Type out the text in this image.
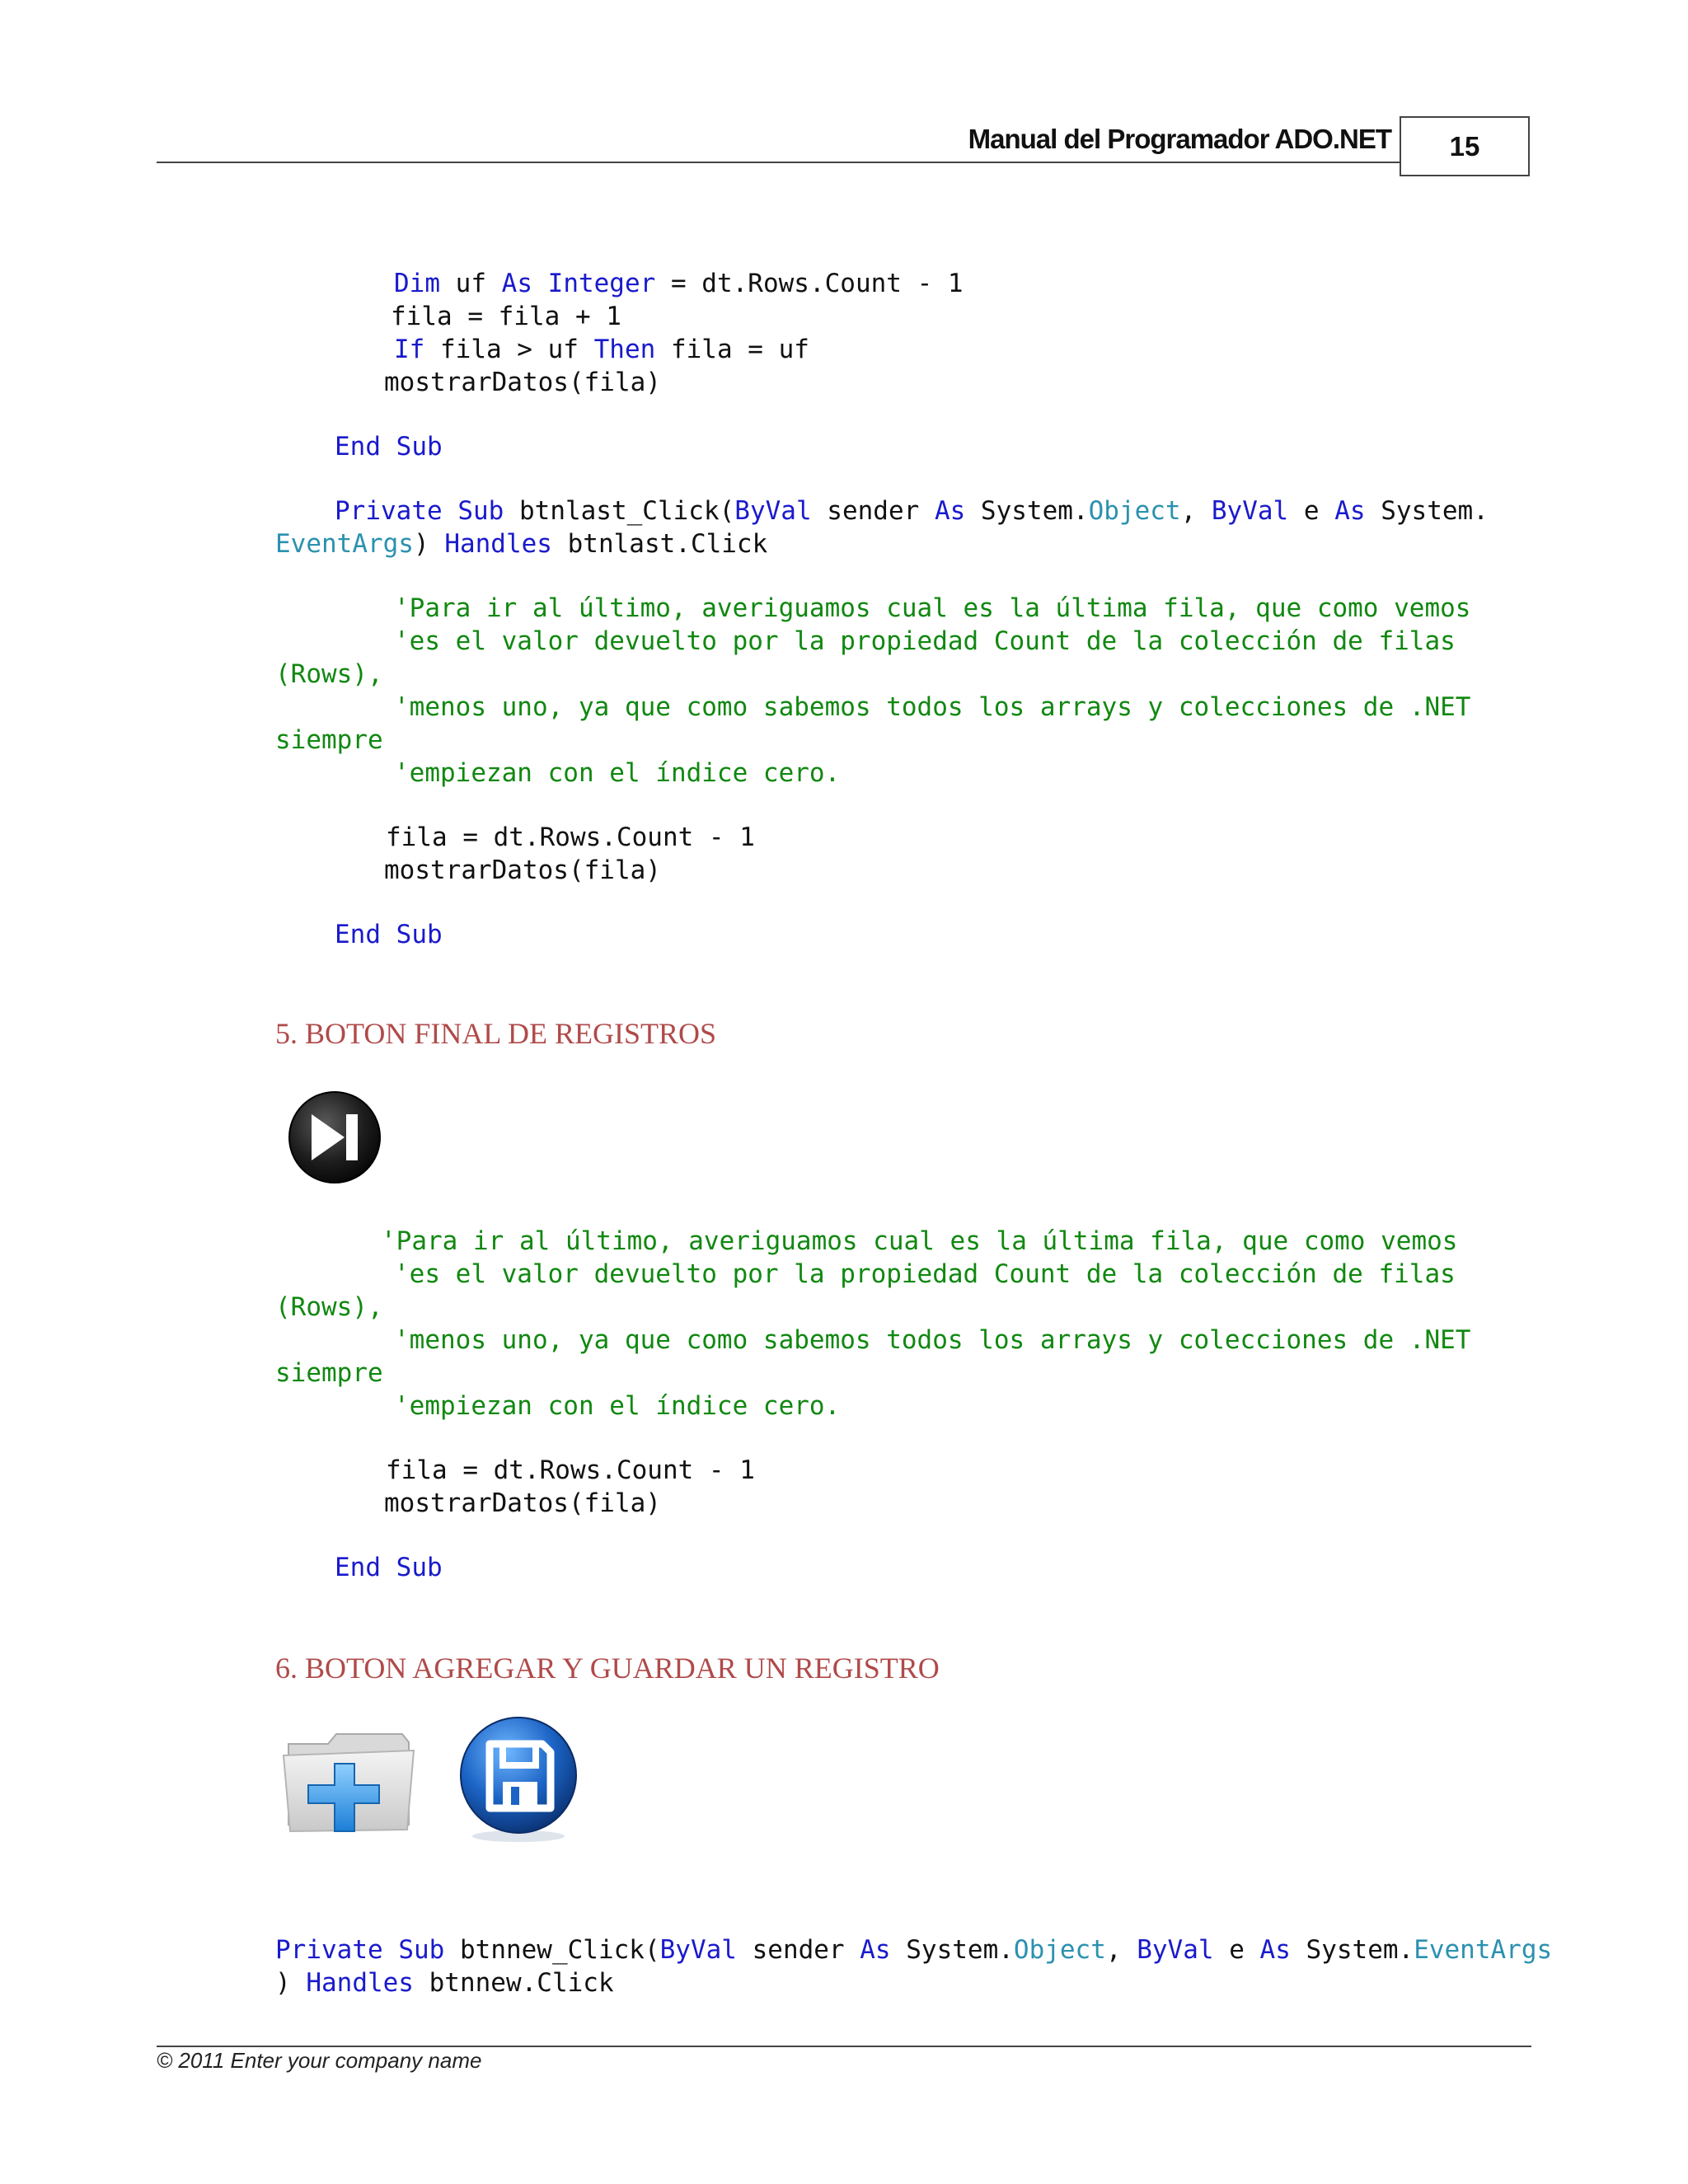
Manual del Programador ADO.NET 15
Dim uf As Integer = dt.Rows.Count - 1
fila = fila + 1
If fila > uf Then fila = uf
mostrarDatos(fila)
End Sub
Private Sub btnlast_Click(ByVal sender As System.Object, ByVal e As System.
EventArgs) Handles btnlast.Click
'Para ir al último, averiguamos cual es la última fila, que como vemos
'es el valor devuelto por la propiedad Count de la colección de filas
(Rows),
'menos uno, ya que como sabemos todos los arrays y colecciones de .NET
siempre
'empiezan con el índice cero.
fila = dt.Rows.Count - 1
mostrarDatos(fila)
End Sub
5. BOTON FINAL DE REGISTROS
'Para ir al último, averiguamos cual es la última fila, que como vemos
'es el valor devuelto por la propiedad Count de la colección de filas
(Rows),
'menos uno, ya que como sabemos todos los arrays y colecciones de .NET
siempre
'empiezan con el índice cero.
fila = dt.Rows.Count - 1
mostrarDatos(fila)
End Sub
6. BOTON AGREGAR Y GUARDAR UN REGISTRO
Private Sub btnnew_Click(ByVal sender As System.Object, ByVal e As System.EventArgs
) Handles btnnew.Click
© 2011 Enter your company name
